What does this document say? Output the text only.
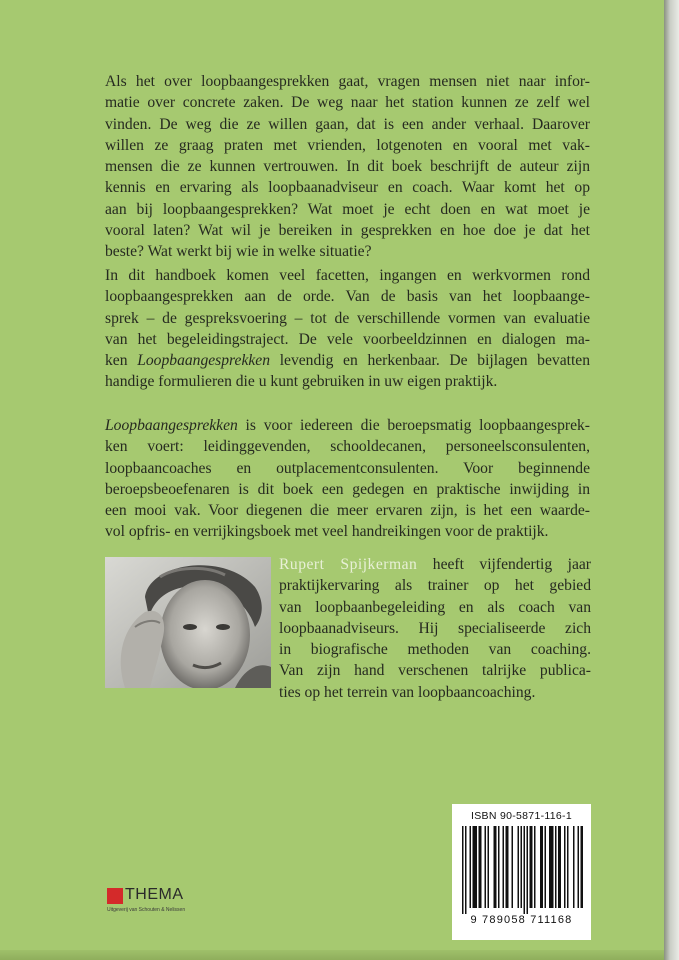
Als het over loopbaangesprekken gaat, vragen mensen niet naar infor-
matie over concrete zaken. De weg naar het station kunnen ze zelf wel
vinden. De weg die ze willen gaan, dat is een ander verhaal. Daarover
willen ze graag praten met vrienden, lotgenoten en vooral met vak-
mensen die ze kunnen vertrouwen. In dit boek beschrijft de auteur zijn
kennis en ervaring als loopbaanadviseur en coach. Waar komt het op
aan bij loopbaangesprekken? Wat moet je echt doen en wat moet je
vooral laten? Wat wil je bereiken in gesprekken en hoe doe je dat het
beste? Wat werkt bij wie in welke situatie?
In dit handboek komen veel facetten, ingangen en werkvormen rond
loopbaangesprekken aan de orde. Van de basis van het loopbaange-
sprek – de gespreksvoering – tot de verschillende vormen van evaluatie
van het begeleidingstraject. De vele voorbeeldzinnen en dialogen ma-
ken Loopbaangesprekken levendig en herkenbaar. De bijlagen bevatten
handige formulieren die u kunt gebruiken in uw eigen praktijk.
Loopbaangesprekken is voor iedereen die beroepsmatig loopbaangesprek-
ken voert: leidinggevenden, schooldecanen, personeelsconsulenten,
loopbaancoaches en outplacementconsulenten. Voor beginnende
beroepsbeoefenaren is dit boek een gedegen en praktische inwijding in
een mooi vak. Voor diegenen die meer ervaren zijn, is het een waarde-
vol opfris- en verrijkingsboek met veel handreikingen voor de praktijk.
Rupert Spijkerman heeft vijfendertig jaar
praktijkervaring als trainer op het gebied
van loopbaanbegeleiding en als coach van
loopbaanadviseurs. Hij specialiseerde zich
in biografische methoden van coaching.
Van zijn hand verschenen talrijke publica-
ties op het terrein van loopbaancoaching.
THEMA
Uitgeverij van Schouten & Nelissen
ISBN 90-5871-116-1
9 789058 711168
